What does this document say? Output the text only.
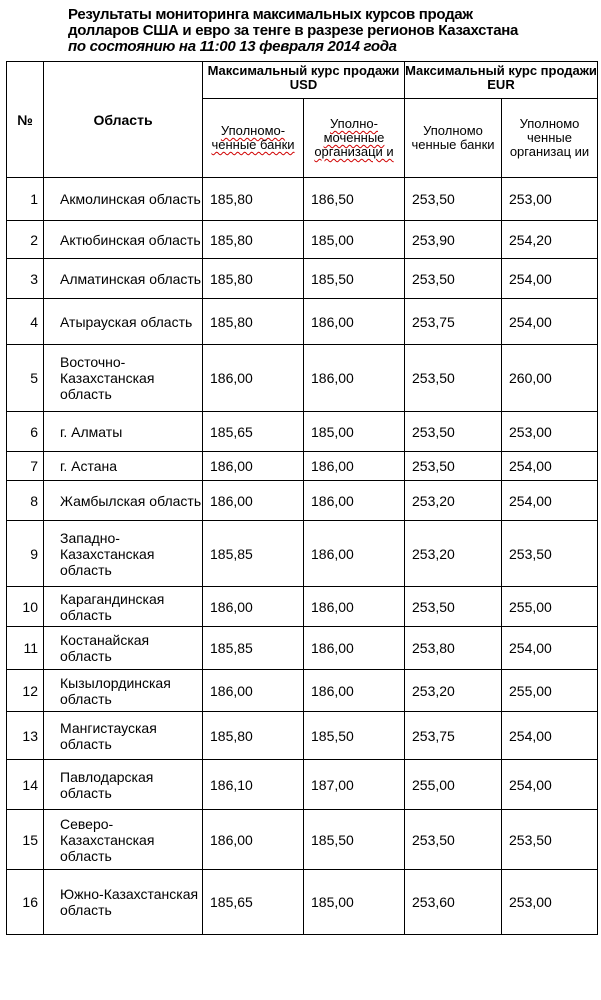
Результаты мониторинга максимальных курсов продаж
долларов США и евро за тенге в разрезе регионов Казахстана
по состоянию на 11:00 13 февраля 2014 года
№	Область	Максимальный курс продажи USD		Максимальный курс продажи EUR	
		Уполномо-ченные банки	Уполно-моченные организаци и	Уполномо ченные банки	Уполномо ченные организац ии
1	Акмолинская область	185,80	186,50	253,50	253,00
2	Актюбинская область	185,80	185,00	253,90	254,20
3	Алматинская область	185,80	185,50	253,50	254,00
4	Атырауская область	185,80	186,00	253,75	254,00
5	Восточно-Казахстанская область	186,00	186,00	253,50	260,00
6	г. Алматы	185,65	185,00	253,50	253,00
7	г. Астана	186,00	186,00	253,50	254,00
8	Жамбылская область	186,00	186,00	253,20	254,00
9	Западно-Казахстанская область	185,85	186,00	253,20	253,50
10	Карагандинская область	186,00	186,00	253,50	255,00
11	Костанайская область	185,85	186,00	253,80	254,00
12	Кызылординская область	186,00	186,00	253,20	255,00
13	Мангистауская область	185,80	185,50	253,75	254,00
14	Павлодарская область	186,10	187,00	255,00	254,00
15	Северо-Казахстанская область	186,00	185,50	253,50	253,50
16	Южно-Казахстанская область	185,65	185,00	253,60	253,00
